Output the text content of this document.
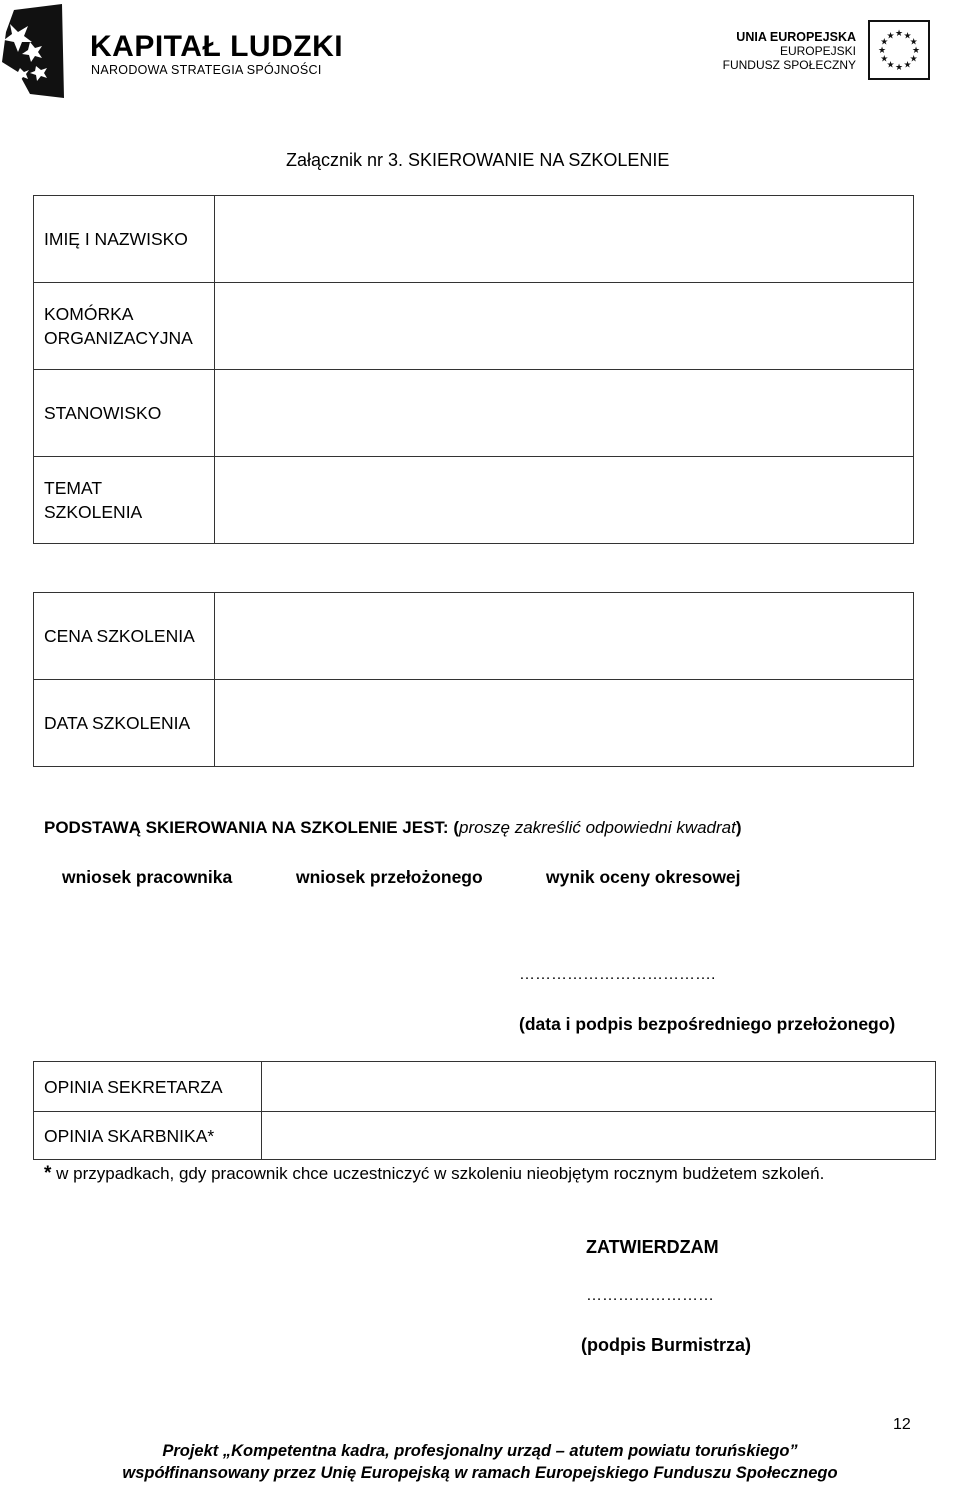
KAPITAŁ LUDZKI
NARODOWA STRATEGIA SPÓJNOŚCI
UNIA EUROPEJSKA
EUROPEJSKI
FUNDUSZ SPOŁECZNY
★ ★
★
★
★
★
★
★
★
★
★
★
Załącznik nr 3. SKIEROWANIE NA SZKOLENIE
IMIĘ I NAZWISKO	
KOMÓRKA ORGANIZACYJNA	
STANOWISKO	
TEMAT SZKOLENIA	
CENA SZKOLENIA	
DATA SZKOLENIA	
PODSTAWĄ SKIEROWANIA NA SZKOLENIE JEST: (proszę zakreślić odpowiedni kwadrat)
wniosek pracownika	wniosek przełożonego	wynik oceny okresowej
……………………………….
(data i podpis bezpośredniego przełożonego)
OPINIA SEKRETARZA	
OPINIA SKARBNIKA*	
* w przypadkach, gdy pracownik chce uczestniczyć w szkoleniu nieobjętym rocznym budżetem szkoleń.
ZATWIERDZAM
……………………
(podpis Burmistrza)
12
Projekt „Kompetentna kadra, profesjonalny urząd – atutem powiatu toruńskiego”
współfinansowany przez Unię Europejską w ramach Europejskiego Funduszu Społecznego
